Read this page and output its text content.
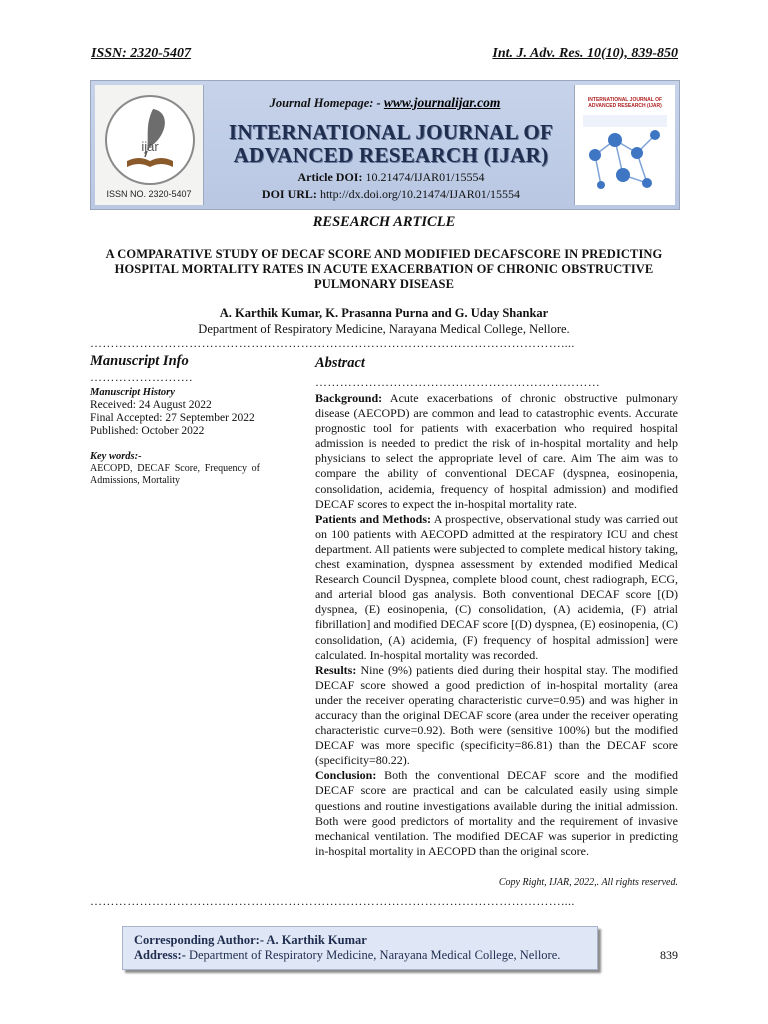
ISSN: 2320-5407	Int. J. Adv. Res. 10(10), 839-850
ijar
ISSN NO. 2320-5407
Journal Homepage: - www.journalijar.com
INTERNATIONAL JOURNAL OF
ADVANCED RESEARCH (IJAR)
Article DOI: 10.21474/IJAR01/15554
DOI URL: http://dx.doi.org/10.21474/IJAR01/15554
INTERNATIONAL JOURNAL OF ADVANCED RESEARCH (IJAR)
RESEARCH ARTICLE
A COMPARATIVE STUDY OF DECAF SCORE AND MODIFIED DECAFSCORE IN PREDICTING HOSPITAL MORTALITY RATES IN ACUTE EXACERBATION OF CHRONIC OBSTRUCTIVE PULMONARY DISEASE
A. Karthik Kumar, K. Prasanna Purna and G. Uday Shankar
Department of Respiratory Medicine, Narayana Medical College, Nellore.
……………………………………………………………………………………………………....
Manuscript Info
…………………….
Manuscript History
Received: 24 August 2022
Final Accepted: 27 September 2022
Published: October 2022
Key words:-
AECOPD, DECAF Score, Frequency of Admissions, Mortality
Abstract
……………………………………………………………

Background: Acute exacerbations of chronic obstructive pulmonary disease (AECOPD) are common and lead to catastrophic events. Accurate prognostic tool for patients with exacerbation who required hospital admission is needed to predict the risk of in-hospital mortality and help physicians to select the appropriate level of care. Aim The aim was to compare the ability of conventional DECAF (dyspnea, eosinopenia, consolidation, acidemia, frequency of hospital admission) and modified DECAF scores to expect the in-hospital mortality rate.

Patients and Methods: A prospective, observational study was carried out on 100 patients with AECOPD admitted at the respiratory ICU and chest department. All patients were subjected to complete medical history taking, chest examination, dyspnea assessment by extended modified Medical Research Council Dyspnea, complete blood count, chest radiograph, ECG, and arterial blood gas analysis. Both conventional DECAF score [(D) dyspnea, (E) eosinopenia, (C) consolidation, (A) acidemia, (F) atrial fibrillation] and modified DECAF score [(D) dyspnea, (E) eosinopenia, (C) consolidation, (A) acidemia, (F) frequency of hospital admission] were calculated. In-hospital mortality was recorded.

Results: Nine (9%) patients died during their hospital stay. The modified DECAF score showed a good prediction of in-hospital mortality (area under the receiver operating characteristic curve=0.95) and was higher in accuracy than the original DECAF score (area under the receiver operating characteristic curve=0.92). Both were (sensitive 100%) but the modified DECAF was more specific (specificity=86.81) than the DECAF score (specificity=80.22).

Conclusion: Both the conventional DECAF score and the modified DECAF score are practical and can be calculated easily using simple questions and routine investigations available during the initial admission. Both were good predictors of mortality and the requirement of invasive mechanical ventilation. The modified DECAF was superior in predicting in-hospital mortality in AECOPD than the original score.

Copy Right, IJAR, 2022,. All rights reserved.
……………………………………………………………………………………………………....
Corresponding Author:- A. Karthik Kumar
Address:- Department of Respiratory Medicine, Narayana Medical College, Nellore.	839
